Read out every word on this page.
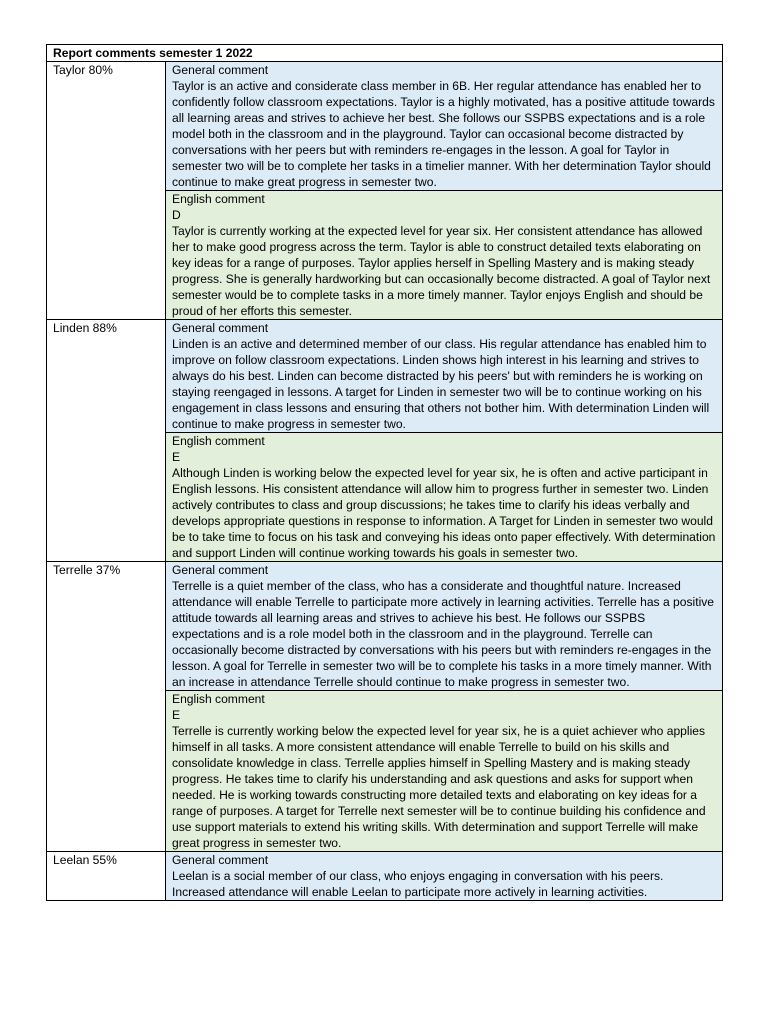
Report comments semester 1 2022	
Taylor 80%	General comment
Taylor is an active and considerate class member in 6B. Her regular attendance has enabled her to confidently follow classroom expectations. Taylor is a highly motivated, has a positive attitude towards all learning areas and strives to achieve her best. She follows our SSPBS expectations and is a role model both in the classroom and in the playground. Taylor can occasional become distracted by conversations with her peers but with reminders re-engages in the lesson. A goal for Taylor in semester two will be to complete her tasks in a timelier manner. With her determination Taylor should continue to make great progress in semester two.

	English comment
D
Taylor is currently working at the expected level for year six. Her consistent attendance has allowed her to make good progress across the term. Taylor is able to construct detailed texts elaborating on key ideas for a range of purposes. Taylor applies herself in Spelling Mastery and is making steady progress. She is generally hardworking but can occasionally become distracted. A goal of Taylor next semester would be to complete tasks in a more timely manner. Taylor enjoys English and should be proud of her efforts this semester.

Linden 88%	General comment
Linden is an active and determined member of our class. His regular attendance has enabled him to improve on follow classroom expectations. Linden shows high interest in his learning and strives to always do his best. Linden can become distracted by his peers' but with reminders he is working on staying reengaged in lessons. A target for Linden in semester two will be to continue working on his engagement in class lessons and ensuring that others not bother him. With determination Linden will continue to make progress in semester two.

	English comment
E
Although Linden is working below the expected level for year six, he is often and active participant in English lessons. His consistent attendance will allow him to progress further in semester two. Linden actively contributes to class and group discussions; he takes time to clarify his ideas verbally and develops appropriate questions in response to information. A Target for Linden in semester two would be to take time to focus on his task and conveying his ideas onto paper effectively. With determination and support Linden will continue working towards his goals in semester two.

Terrelle 37%	General comment
Terrelle is a quiet member of the class, who has a considerate and thoughtful nature. Increased attendance will enable Terrelle to participate more actively in learning activities. Terrelle has a positive attitude towards all learning areas and strives to achieve his best. He follows our SSPBS expectations and is a role model both in the classroom and in the playground. Terrelle can occasionally become distracted by conversations with his peers but with reminders re-engages in the lesson. A goal for Terrelle in semester two will be to complete his tasks in a more timely manner. With an increase in attendance Terrelle should continue to make progress in semester two.

	English comment
E
Terrelle is currently working below the expected level for year six, he is a quiet achiever who applies himself in all tasks. A more consistent attendance will enable Terrelle to build on his skills and consolidate knowledge in class. Terrelle applies himself in Spelling Mastery and is making steady progress. He takes time to clarify his understanding and ask questions and asks for support when needed. He is working towards constructing more detailed texts and elaborating on key ideas for a range of purposes. A target for Terrelle next semester will be to continue building his confidence and use support materials to extend his writing skills. With determination and support Terrelle will make great progress in semester two.

Leelan 55%	General comment
Leelan is a social member of our class, who enjoys engaging in conversation with his peers. Increased attendance will enable Leelan to participate more actively in learning activities.
